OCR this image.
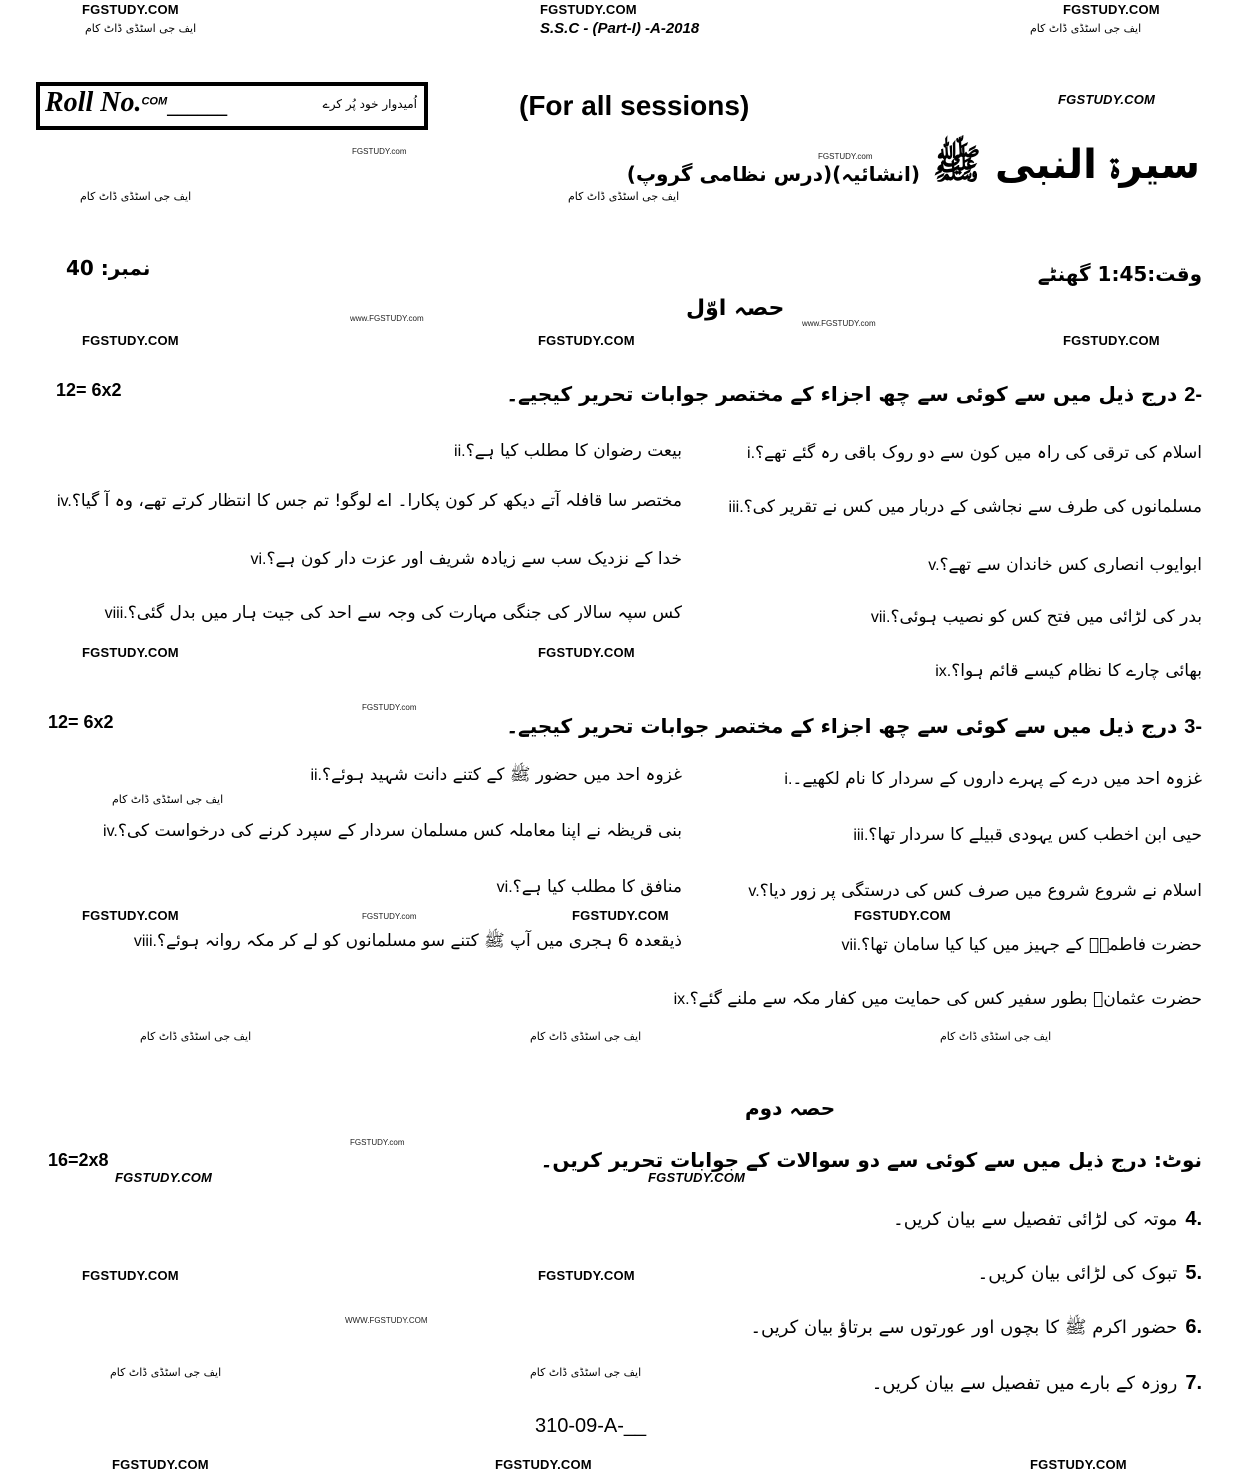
FGSTUDY.COM	FGSTUDY.COM	FGSTUDY.COM
ایف جی اسٹڈی ڈاٹ کام	S.S.C - (Part-I) -A-2018	ایف جی اسٹڈی ڈاٹ کام
Roll No.$^{COM}$______	اُمیدوار خود پُر کرے	(For all sessions)	FGSTUDY.COM
FGSTUDY.com
FGSTUDY.com سیرۃ النبی ﷺ
(انشائیہ)(درس نظامی گروپ)
ایف جی اسٹڈی ڈاٹ کام	ایف جی اسٹڈی ڈاٹ کام
نمبر: 40	وقت:1:45 گھنٹے
حصہ اوّل
www.FGSTUDY.com
www.FGSTUDY.com
FGSTUDY.COM	FGSTUDY.COM	FGSTUDY.COM
12= 6x2	-2 درج ذیل میں سے کوئی سے چھ اجزاء کے مختصر جوابات تحریر کیجیے۔
i.اسلام کی ترقی کی راہ میں کون سے دو روک باقی رہ گئے تھے؟
iii.مسلمانوں کی طرف سے نجاشی کے دربار میں کس نے تقریر کی؟
v.ابوایوب انصاری کس خاندان سے تھے؟
vii.بدر کی لڑائی میں فتح کس کو نصیب ہوئی؟
ix.بھائی چارے کا نظام کیسے قائم ہوا؟
ii.بیعت رضوان کا مطلب کیا ہے؟
iv.مختصر سا قافلہ آتے دیکھ کر کون پکارا۔ اے لوگو! تم جس کا انتظار کرتے تھے، وہ آ گیا؟
vi.خدا کے نزدیک سب سے زیادہ شریف اور عزت دار کون ہے؟
viii.کس سپہ سالار کی جنگی مہارت کی وجہ سے احد کی جیت ہار میں بدل گئی؟
FGSTUDY.COM	FGSTUDY.COM
FGSTUDY.com
12= 6x2	-3 درج ذیل میں سے کوئی سے چھ اجزاء کے مختصر جوابات تحریر کیجیے۔
i.غزوہ احد میں درے کے پہرے داروں کے سردار کا نام لکھیے۔
iii.حیی ابن اخطب کس یہودی قبیلے کا سردار تھا؟
v.اسلام نے شروع شروع میں صرف کس کی درستگی پر زور دیا؟
vii.حضرت فاطمہؓ کے جہیز میں کیا کیا سامان تھا؟
ix.حضرت عثمانؓ بطور سفیر کس کی حمایت میں کفار مکہ سے ملنے گئے؟
ii.غزوہ احد میں حضور ﷺ کے کتنے دانت شہید ہوئے؟
iv.بنی قریظہ نے اپنا معاملہ کس مسلمان سردار کے سپرد کرنے کی درخواست کی؟
vi.منافق کا مطلب کیا ہے؟
viii.ذیقعدہ 6 ہجری میں آپ ﷺ کتنے سو مسلمانوں کو لے کر مکہ روانہ ہوئے؟
ایف جی اسٹڈی ڈاٹ کام
FGSTUDY.COM	FGSTUDY.com	FGSTUDY.COM	FGSTUDY.COM
ایف جی اسٹڈی ڈاٹ کام	ایف جی اسٹڈی ڈاٹ کام	ایف جی اسٹڈی ڈاٹ کام
حصہ دوم
FGSTUDY.com
16=2x8
FGSTUDY.COM	FGSTUDY.COM
نوٹ: درج ذیل میں سے کوئی سے دو سوالات کے جوابات تحریر کریں۔
.4موتہ کی لڑائی تفصیل سے بیان کریں۔
.5تبوک کی لڑائی بیان کریں۔
.6حضور اکرم ﷺ کا بچوں اور عورتوں سے برتاؤ بیان کریں۔
.7روزہ کے بارے میں تفصیل سے بیان کریں۔
FGSTUDY.COM	FGSTUDY.COM
WWW.FGSTUDY.COM
ایف جی اسٹڈی ڈاٹ کام	ایف جی اسٹڈی ڈاٹ کام
310-09-A-__
FGSTUDY.COM	FGSTUDY.COM	FGSTUDY.COM
